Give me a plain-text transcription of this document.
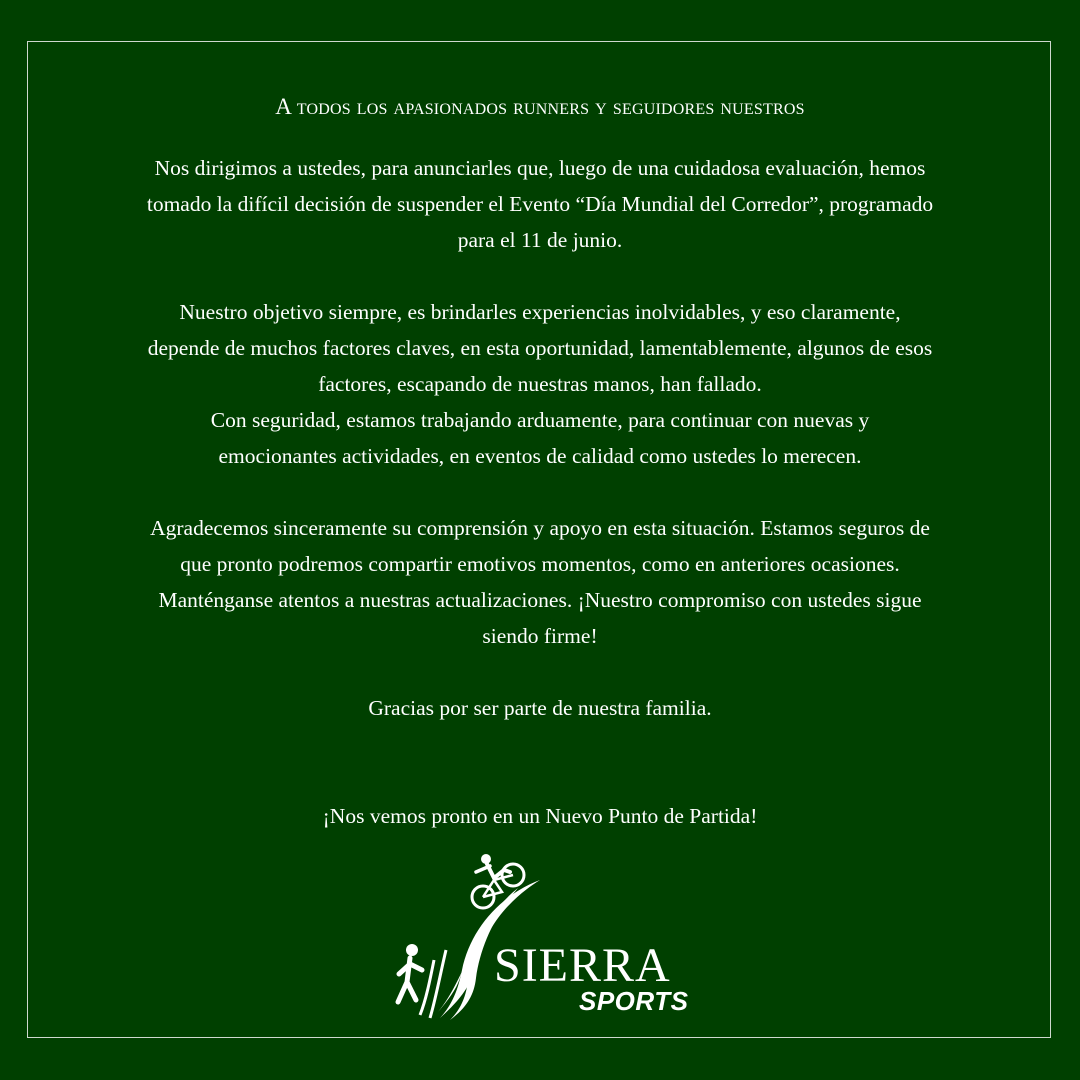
A todos los apasionados runners y seguidores nuestros
Nos dirigimos a ustedes, para anunciarles que, luego de una cuidadosa evaluación, hemos
tomado la difícil decisión de suspender el Evento “Día Mundial del Corredor”, programado
para el 11 de junio.
Nuestro objetivo siempre, es brindarles experiencias inolvidables, y eso claramente,
depende de muchos factores claves, en esta oportunidad, lamentablemente, algunos de esos
factores, escapando de nuestras manos, han fallado.
Con seguridad, estamos trabajando arduamente, para continuar con nuevas y
emocionantes actividades, en eventos de calidad como ustedes lo merecen.
Agradecemos sinceramente su comprensión y apoyo en esta situación. Estamos seguros de
que pronto podremos compartir emotivos momentos, como en anteriores ocasiones.
Manténganse atentos a nuestras actualizaciones. ¡Nuestro compromiso con ustedes sigue
siendo firme!
Gracias por ser parte de nuestra familia.
¡Nos vemos pronto en un Nuevo Punto de Partida!
SIERRA
SPORTS
